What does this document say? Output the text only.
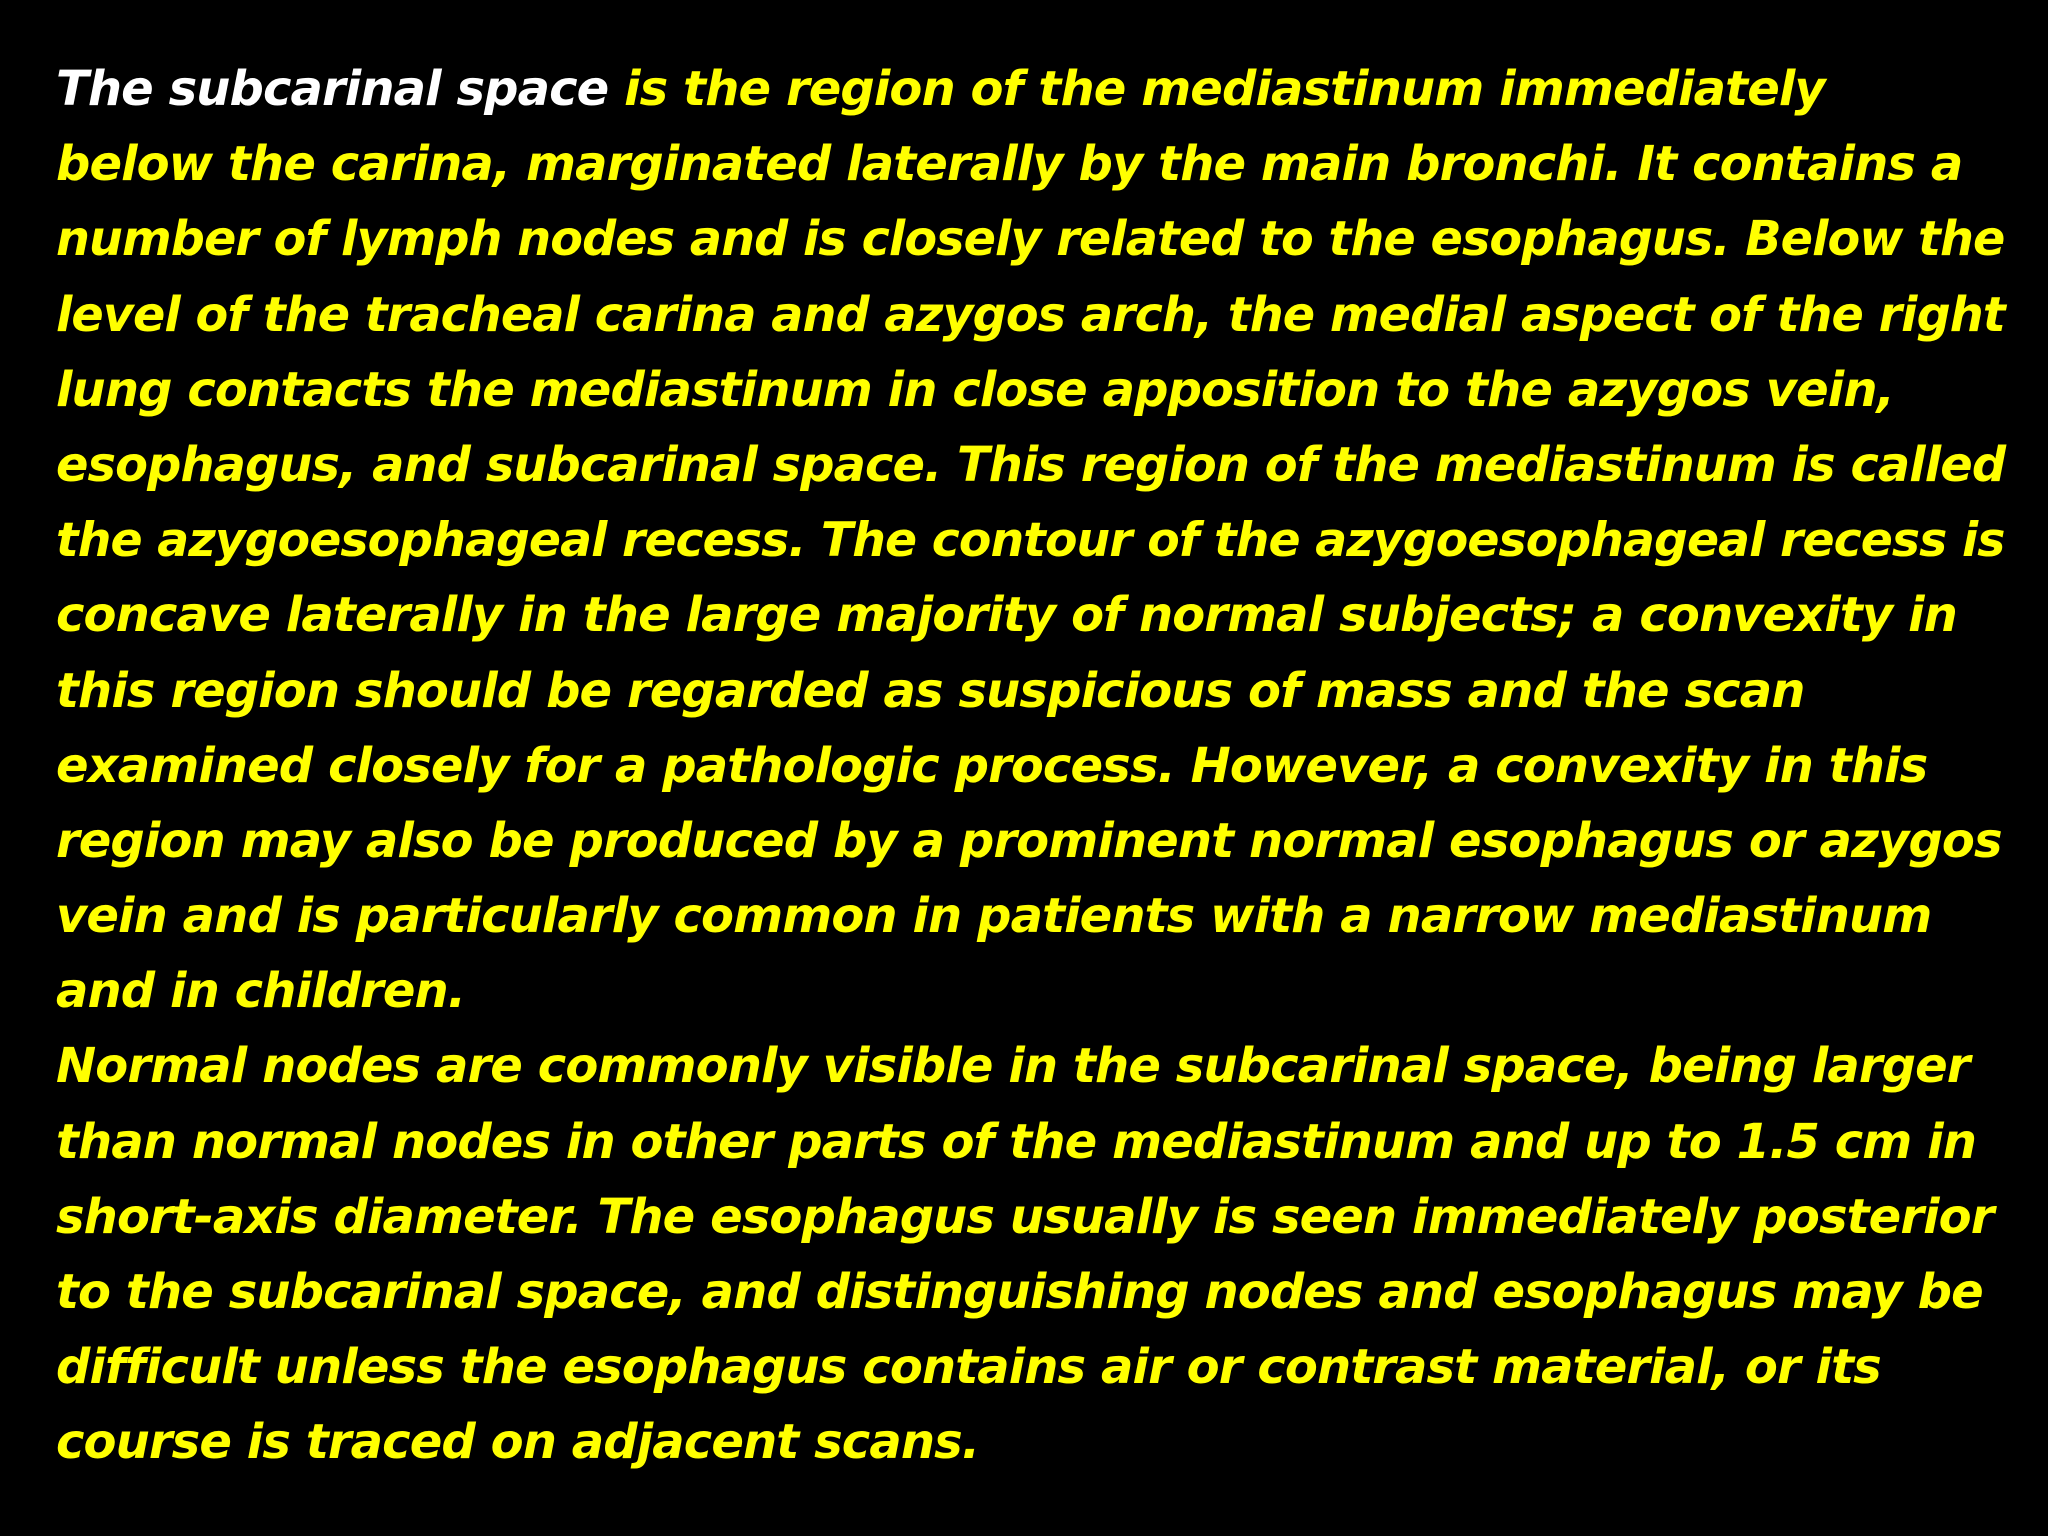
The subcarinal space is the region of the mediastinum immediately
below the carina, marginated laterally by the main bronchi. It contains a
number of lymph nodes and is closely related to the esophagus. Below the
level of the tracheal carina and azygos arch, the medial aspect of the right
lung contacts the mediastinum in close apposition to the azygos vein,
esophagus, and subcarinal space. This region of the mediastinum is called
the azygoesophageal recess. The contour of the azygoesophageal recess is
concave laterally in the large majority of normal subjects; a convexity in
this region should be regarded as suspicious of mass and the scan
examined closely for a pathologic process. However, a convexity in this
region may also be produced by a prominent normal esophagus or azygos
vein and is particularly common in patients with a narrow mediastinum
and in children.
Normal nodes are commonly visible in the subcarinal space, being larger
than normal nodes in other parts of the mediastinum and up to 1.5 cm in
short-axis diameter. The esophagus usually is seen immediately posterior
to the subcarinal space, and distinguishing nodes and esophagus may be
difficult unless the esophagus contains air or contrast material, or its
course is traced on adjacent scans.
